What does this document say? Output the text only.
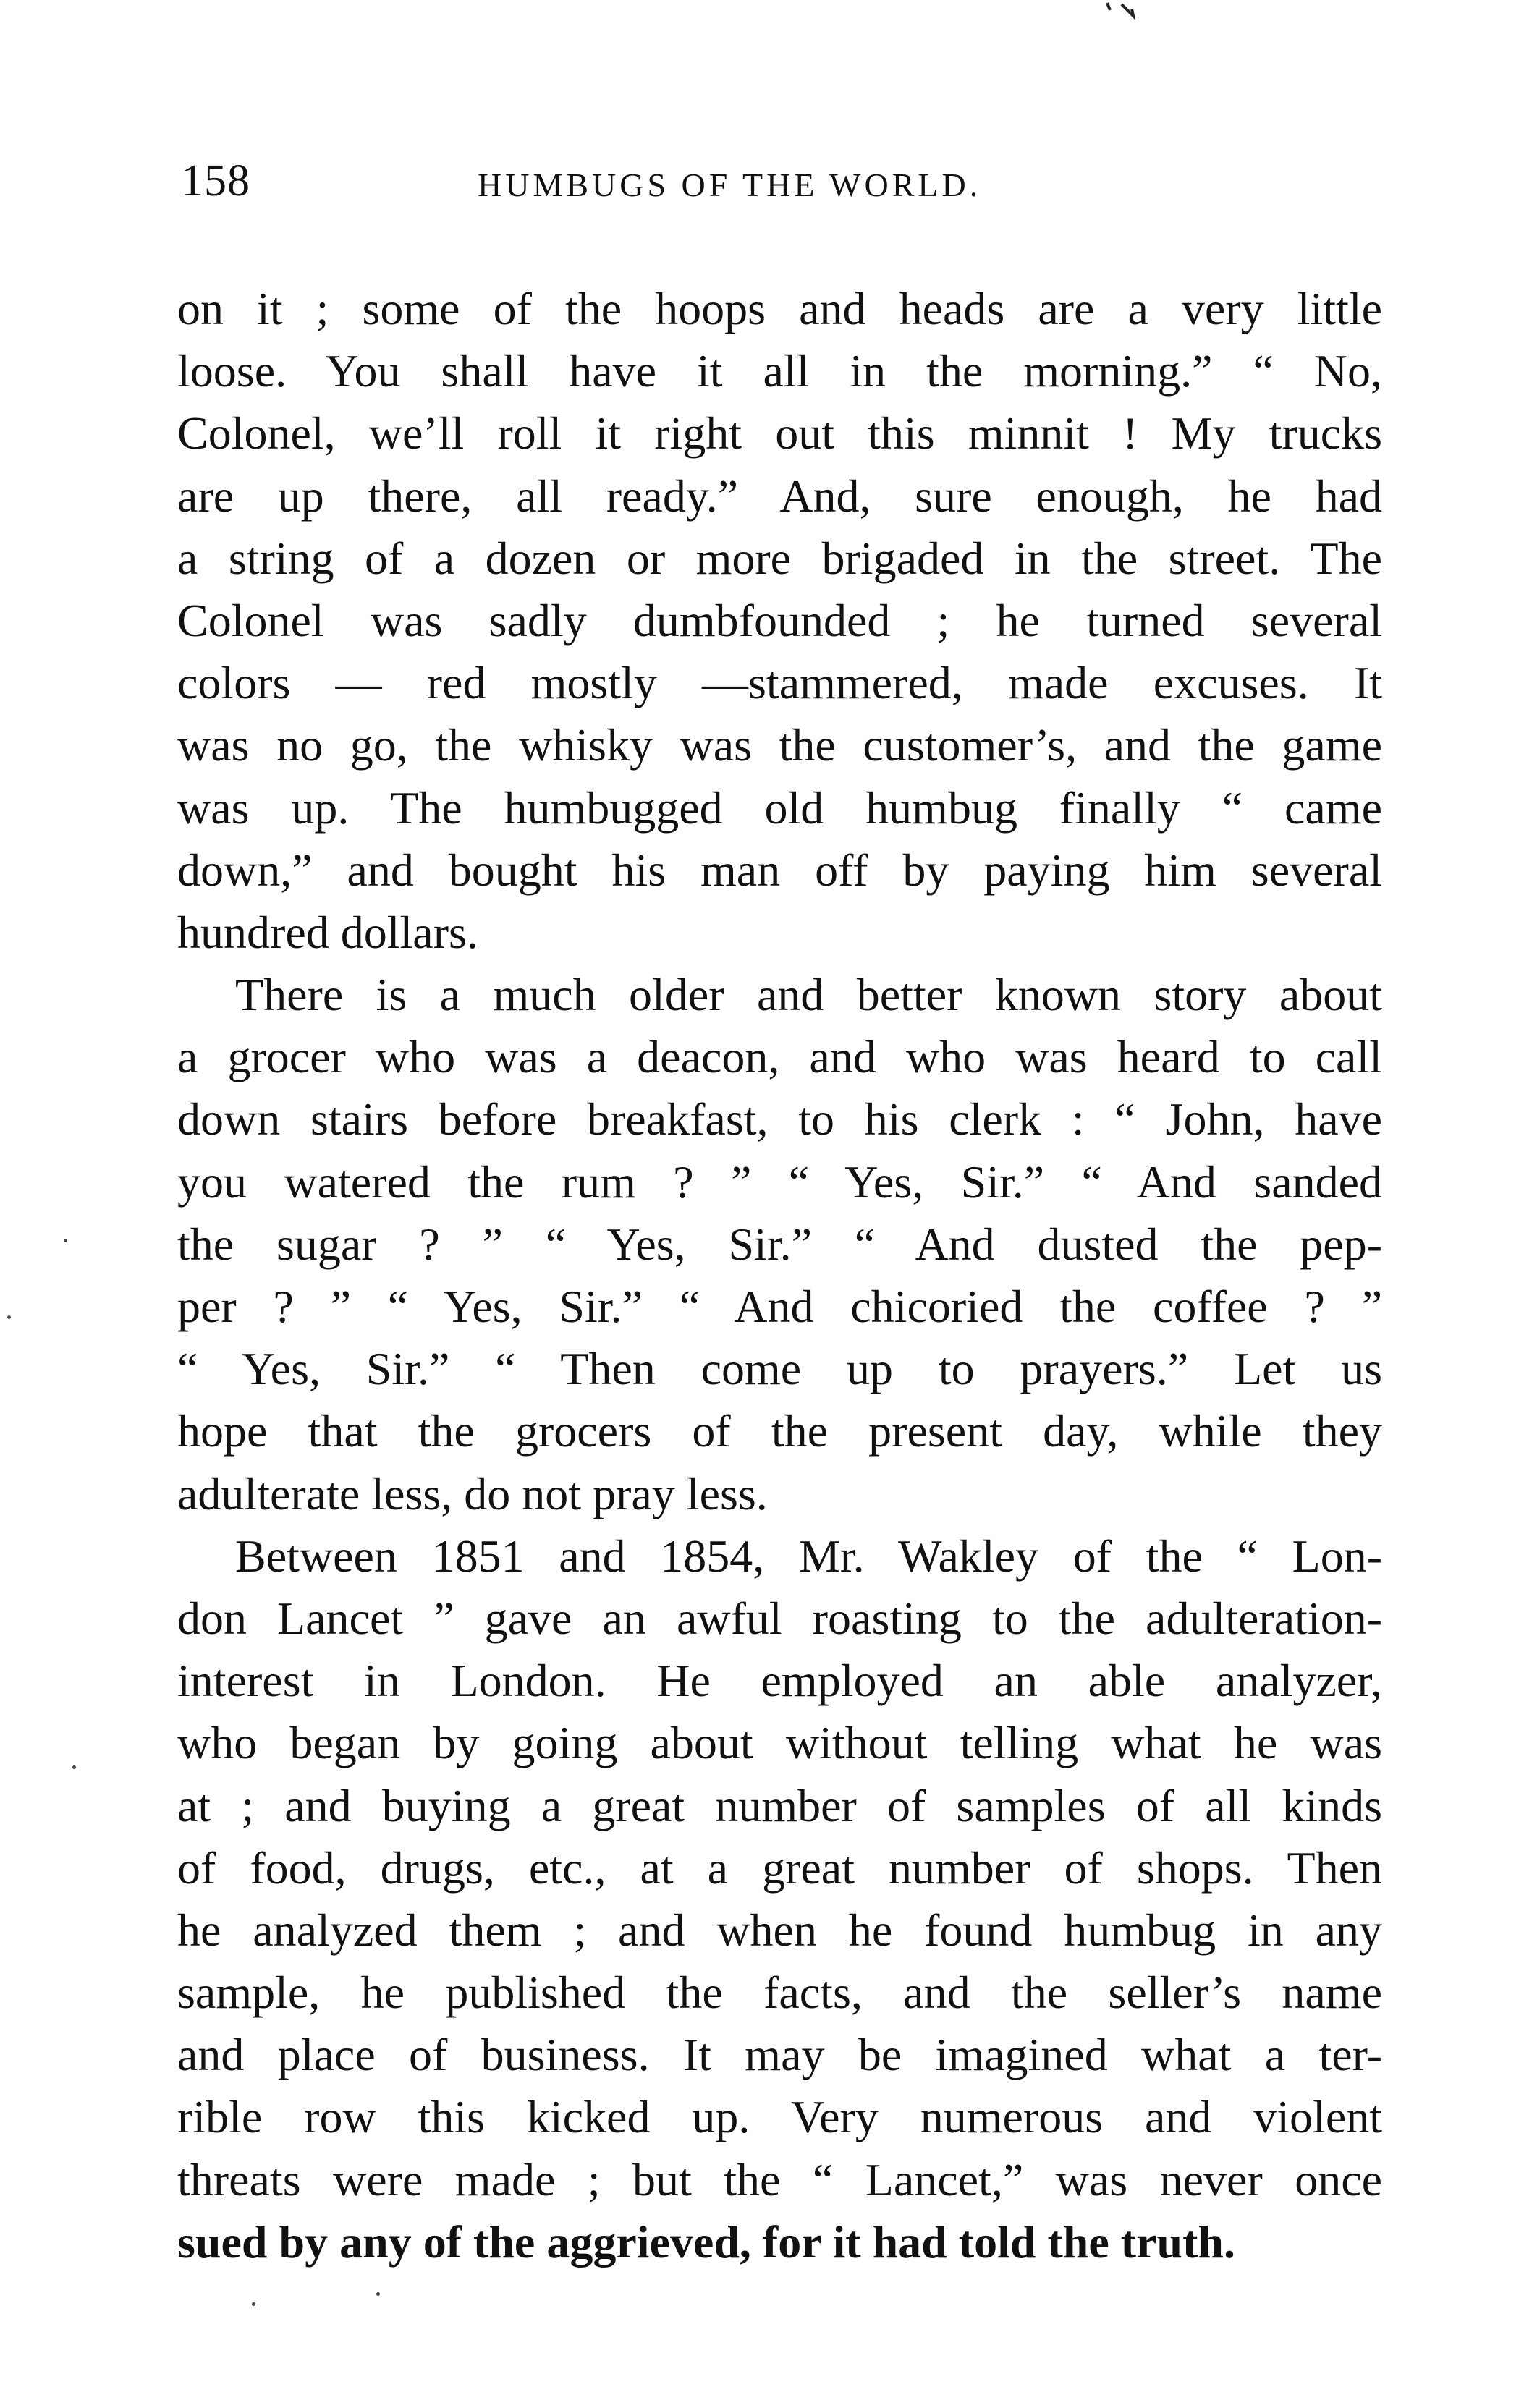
158	HUMBUGS OF THE WORLD.
on it ; some of the hoops and heads are a very little
loose. You shall have it all in the morning.” “ No,
Colonel, we’ll roll it right out this minnit ! My trucks
are up there, all ready.” And, sure enough, he had
a string of a dozen or more brigaded in the street. The
Colonel was sadly dumbfounded ; he turned several
colors — red mostly —stammered, made excuses. It
was no go, the whisky was the customer’s, and the game
was up. The humbugged old humbug finally “ came
down,” and bought his man off by paying him several
hundred dollars.
There is a much older and better known story about
a grocer who was a deacon, and who was heard to call
down stairs before breakfast, to his clerk : “ John, have
you watered the rum ? ” “ Yes, Sir.” “ And sanded
the sugar ? ” “ Yes, Sir.” “ And dusted the pep-
per ? ” “ Yes, Sir.” “ And chicoried the coffee ? ”
“ Yes, Sir.” “ Then come up to prayers.” Let us
hope that the grocers of the present day, while they
adulterate less, do not pray less.
Between 1851 and 1854, Mr. Wakley of the “ Lon-
don Lancet ” gave an awful roasting to the adulteration-
interest in London. He employed an able analyzer,
who began by going about without telling what he was
at ; and buying a great number of samples of all kinds
of food, drugs, etc., at a great number of shops. Then
he analyzed them ; and when he found humbug in any
sample, he published the facts, and the seller’s name
and place of business. It may be imagined what a ter-
rible row this kicked up. Very numerous and violent
threats were made ; but the “ Lancet,” was never once
sued by any of the aggrieved, for it had told the truth.
